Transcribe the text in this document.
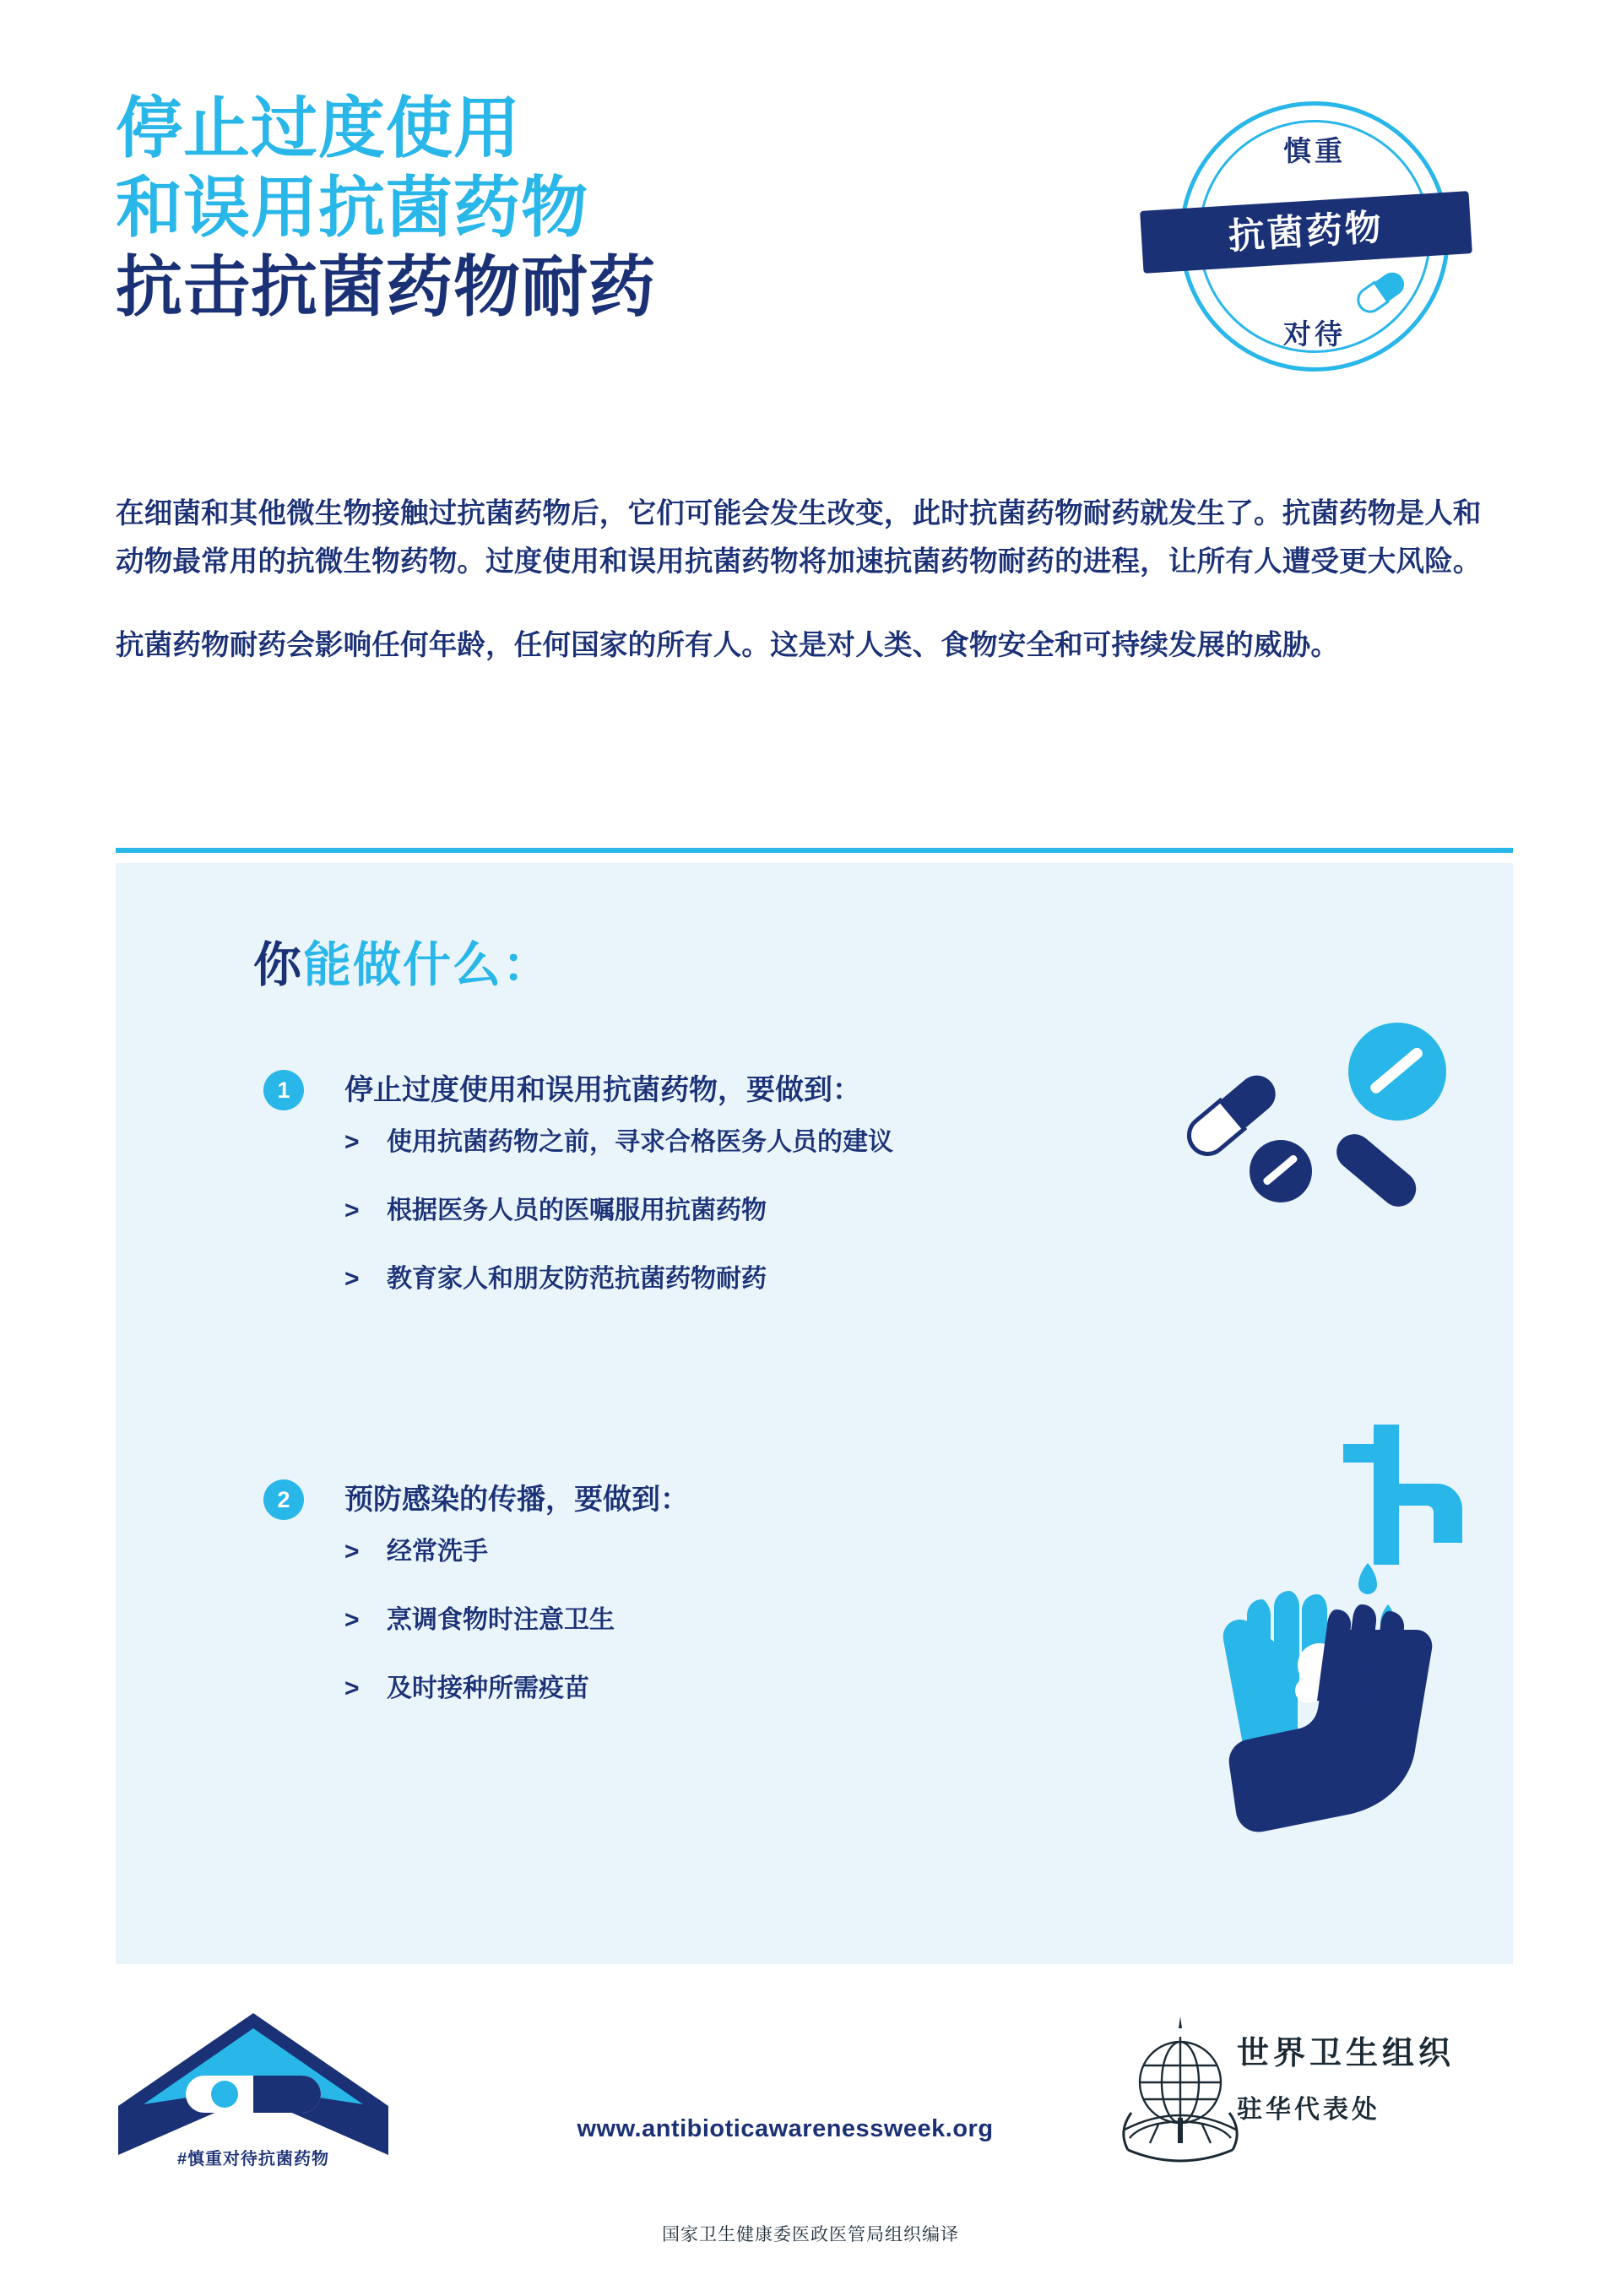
停止过度使用
和误用抗菌药物
抗击抗菌药物耐药
慎重
对待
抗菌药物

在细菌和其他微生物接触过抗菌药物后，它们可能会发生改变，此时抗菌药物耐药就发生了。抗菌药物是人和动物最常用的抗微生物药物。过度使用和误用抗菌药物将加速抗菌药物耐药的进程，让所有人遭受更大风险。

抗菌药物耐药会影响任何年龄，任何国家的所有人。这是对人类、食物安全和可持续发展的威胁。

你能做什么：
1	停止过度使用和误用抗菌药物，要做到：
> 使用抗菌药物之前，寻求合格医务人员的建议
> 根据医务人员的医嘱服用抗菌药物
> 教育家人和朋友防范抗菌药物耐药
2	预防感染的传播，要做到：
> 经常洗手
> 烹调食物时注意卫生
> 及时接种所需疫苗
#慎重对待抗菌药物
www.antibioticawarenessweek.org
世界卫生组织
驻华代表处
国家卫生健康委医政医管局组织编译
